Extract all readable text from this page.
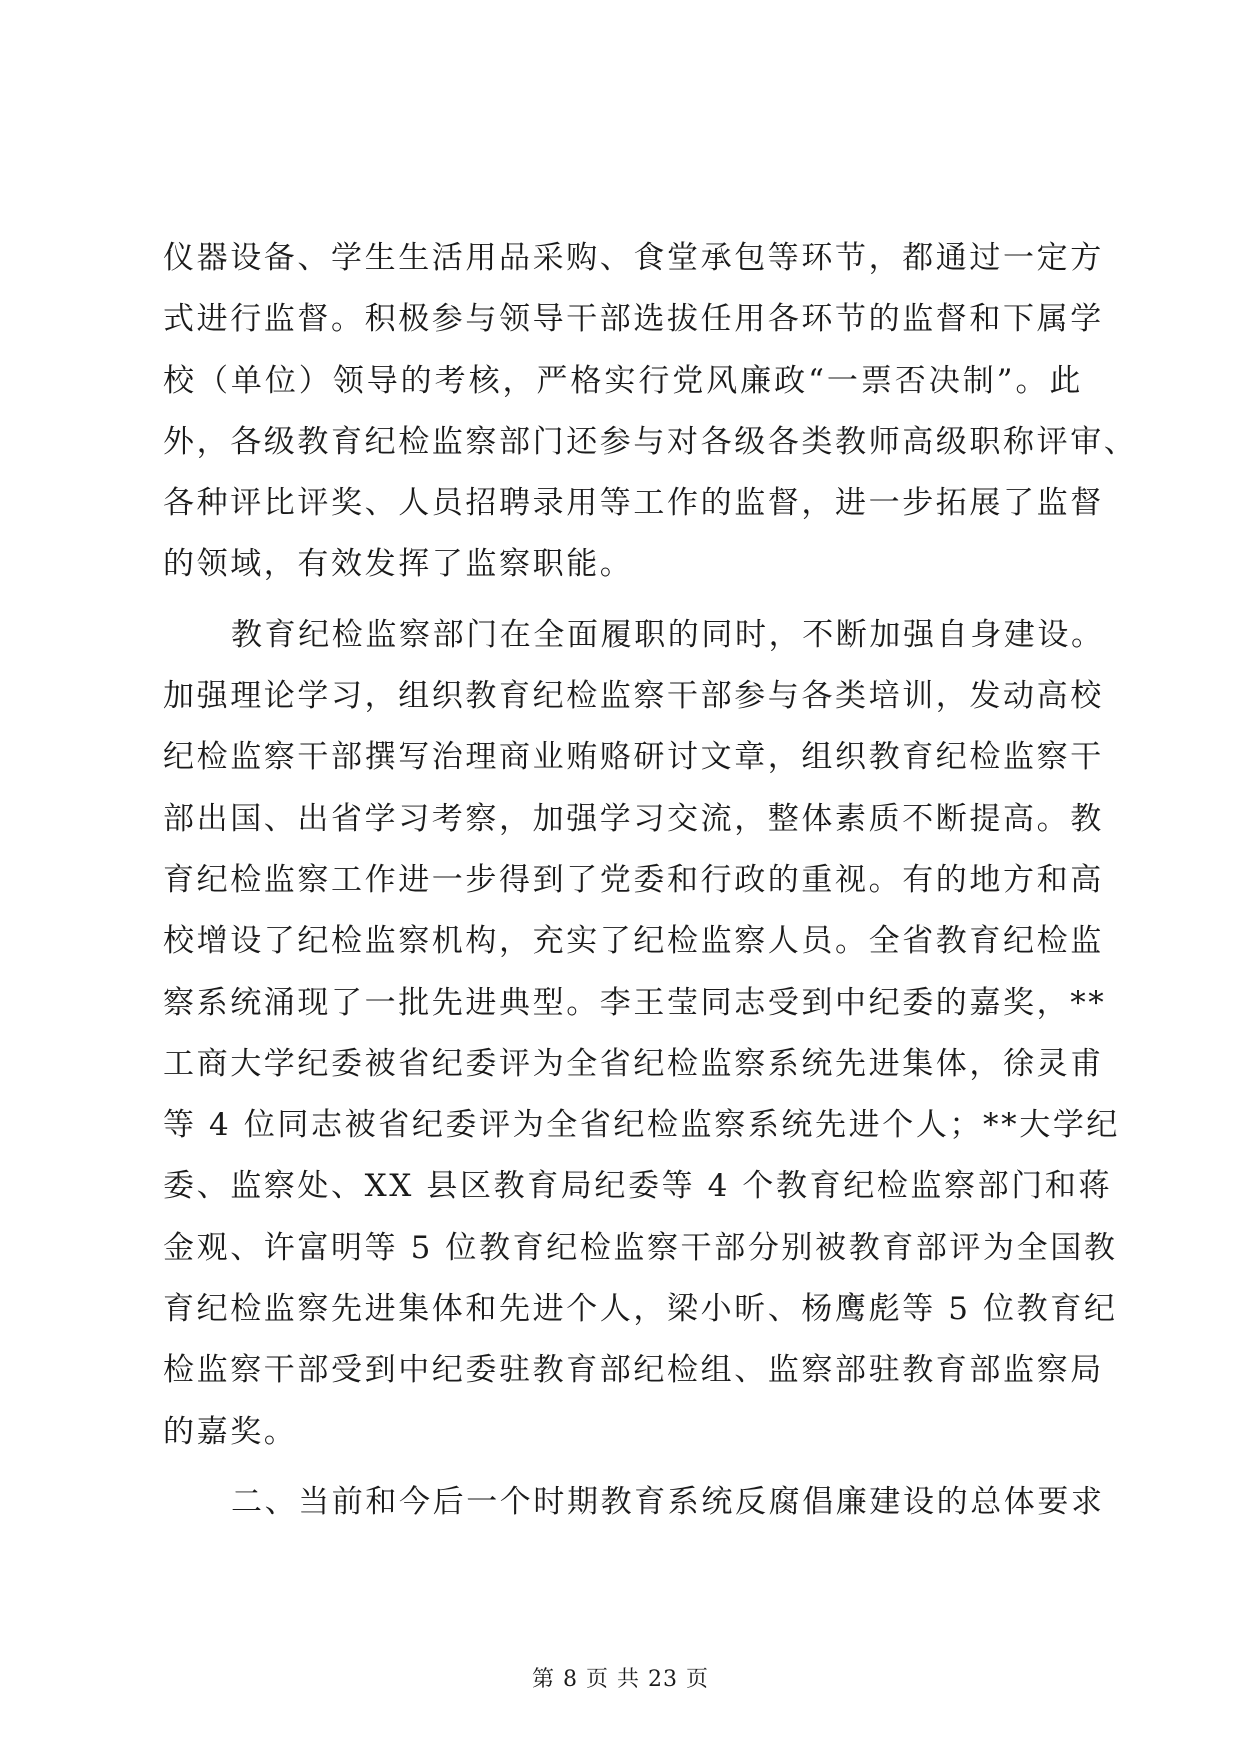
仪器设备、学生生活用品采购、食堂承包等环节，都通过一定方
式进行监督。积极参与领导干部选拔任用各环节的监督和下属学
校（单位）领导的考核，严格实行党风廉政“一票否决制”。此
外，各级教育纪检监察部门还参与对各级各类教师高级职称评审、
各种评比评奖、人员招聘录用等工作的监督，进一步拓展了监督
的领域，有效发挥了监察职能。
教育纪检监察部门在全面履职的同时，不断加强自身建设。
加强理论学习，组织教育纪检监察干部参与各类培训，发动高校
纪检监察干部撰写治理商业贿赂研讨文章，组织教育纪检监察干
部出国、出省学习考察，加强学习交流，整体素质不断提高。教
育纪检监察工作进一步得到了党委和行政的重视。有的地方和高
校增设了纪检监察机构，充实了纪检监察人员。全省教育纪检监
察系统涌现了一批先进典型。李王莹同志受到中纪委的嘉奖，**
工商大学纪委被省纪委评为全省纪检监察系统先进集体，徐灵甫
等 4 位同志被省纪委评为全省纪检监察系统先进个人；**大学纪
委、监察处、XX 县区教育局纪委等 4 个教育纪检监察部门和蒋
金观、许富明等 5 位教育纪检监察干部分别被教育部评为全国教
育纪检监察先进集体和先进个人，梁小昕、杨鹰彪等 5 位教育纪
检监察干部受到中纪委驻教育部纪检组、监察部驻教育部监察局
的嘉奖。
二、当前和今后一个时期教育系统反腐倡廉建设的总体要求
第 8 页 共 23 页
